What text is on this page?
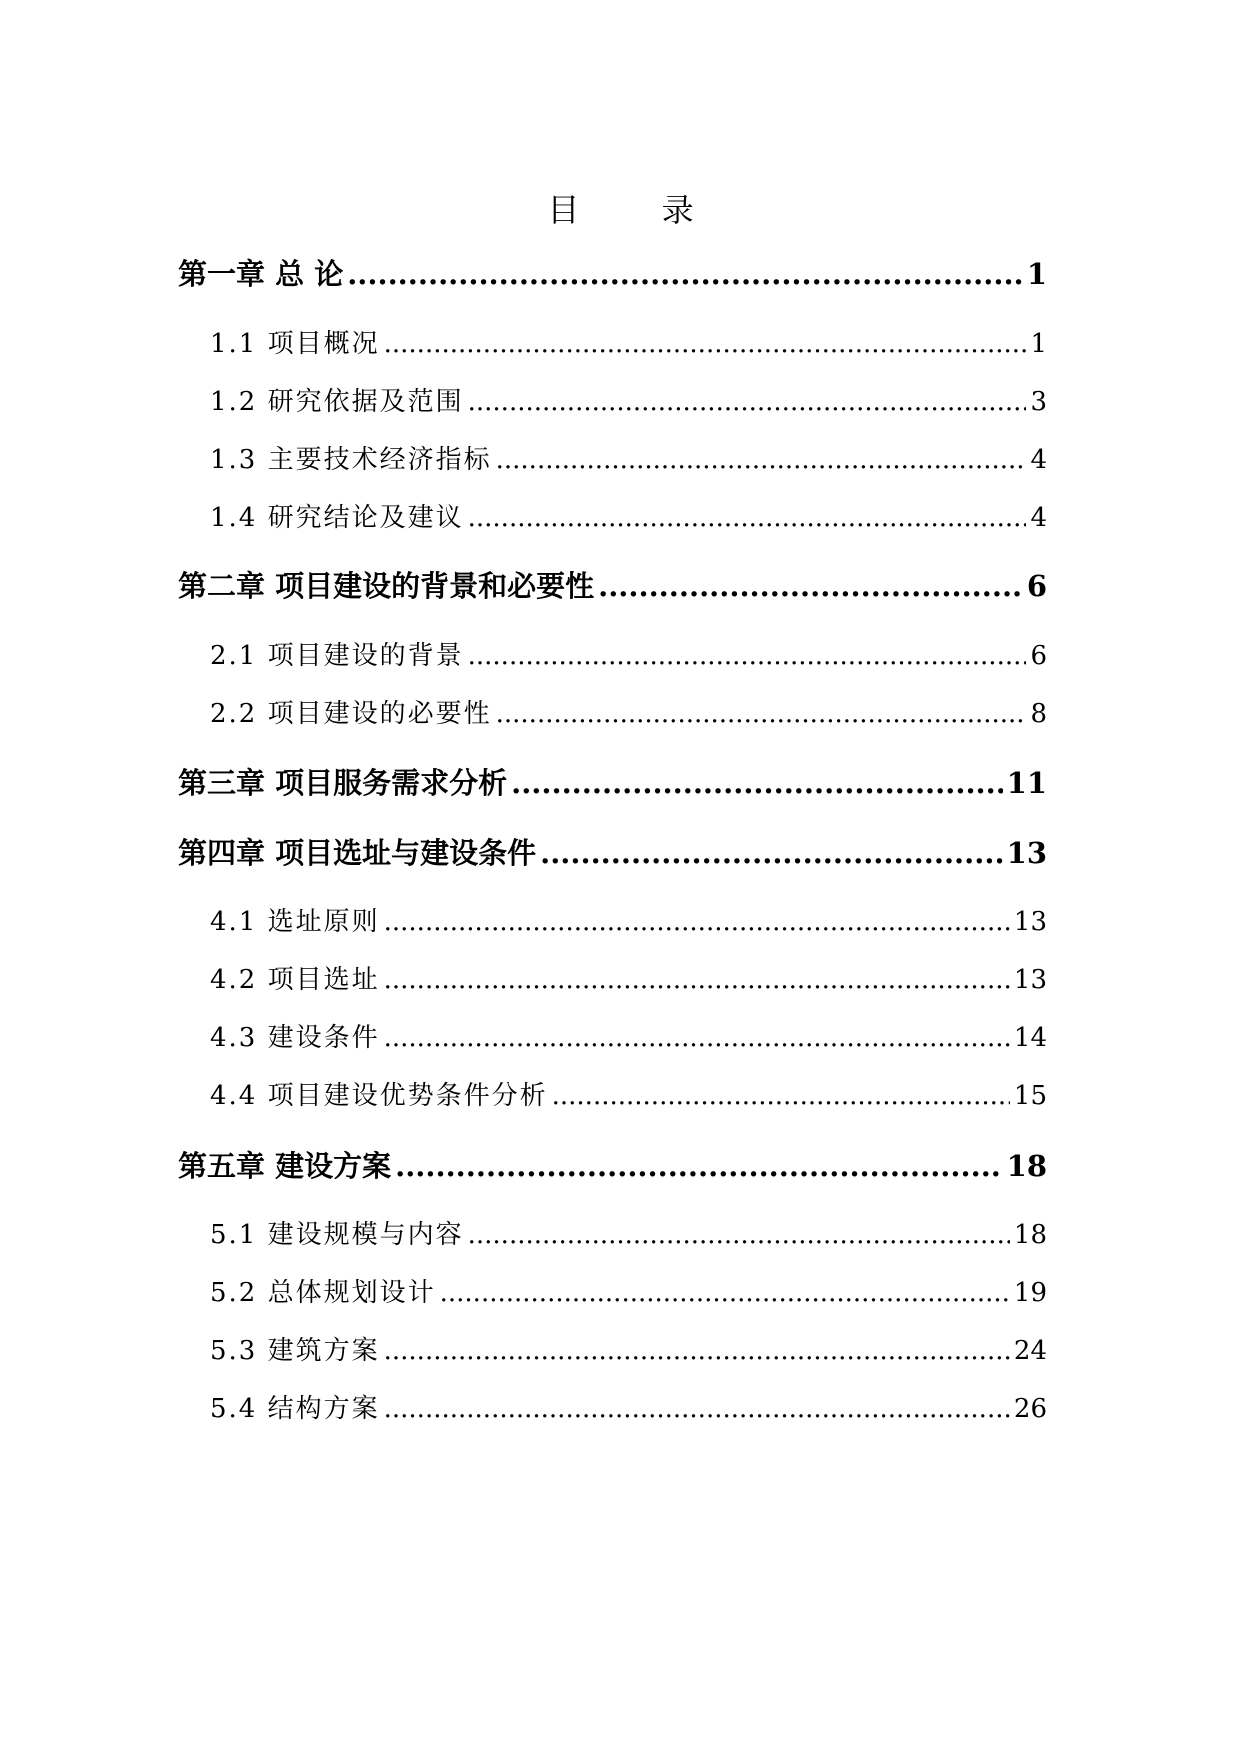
目 录
第一章 总 论 .....	1
1.1 项目概况 .....	1
1.2 研究依据及范围 .....	3
1.3 主要技术经济指标 .....	4
1.4 研究结论及建议 .....	4
第二章 项目建设的背景和必要性 .....	6
2.1 项目建设的背景 .....	6
2.2 项目建设的必要性 .....	8
第三章 项目服务需求分析 .....	11
第四章 项目选址与建设条件 .....	13
4.1 选址原则 .....	13
4.2 项目选址 .....	13
4.3 建设条件 .....	14
4.4 项目建设优势条件分析 .....	15
第五章 建设方案 .....	18
5.1 建设规模与内容 .....	18
5.2 总体规划设计 .....	19
5.3 建筑方案 .....	24
5.4 结构方案 .....	26
